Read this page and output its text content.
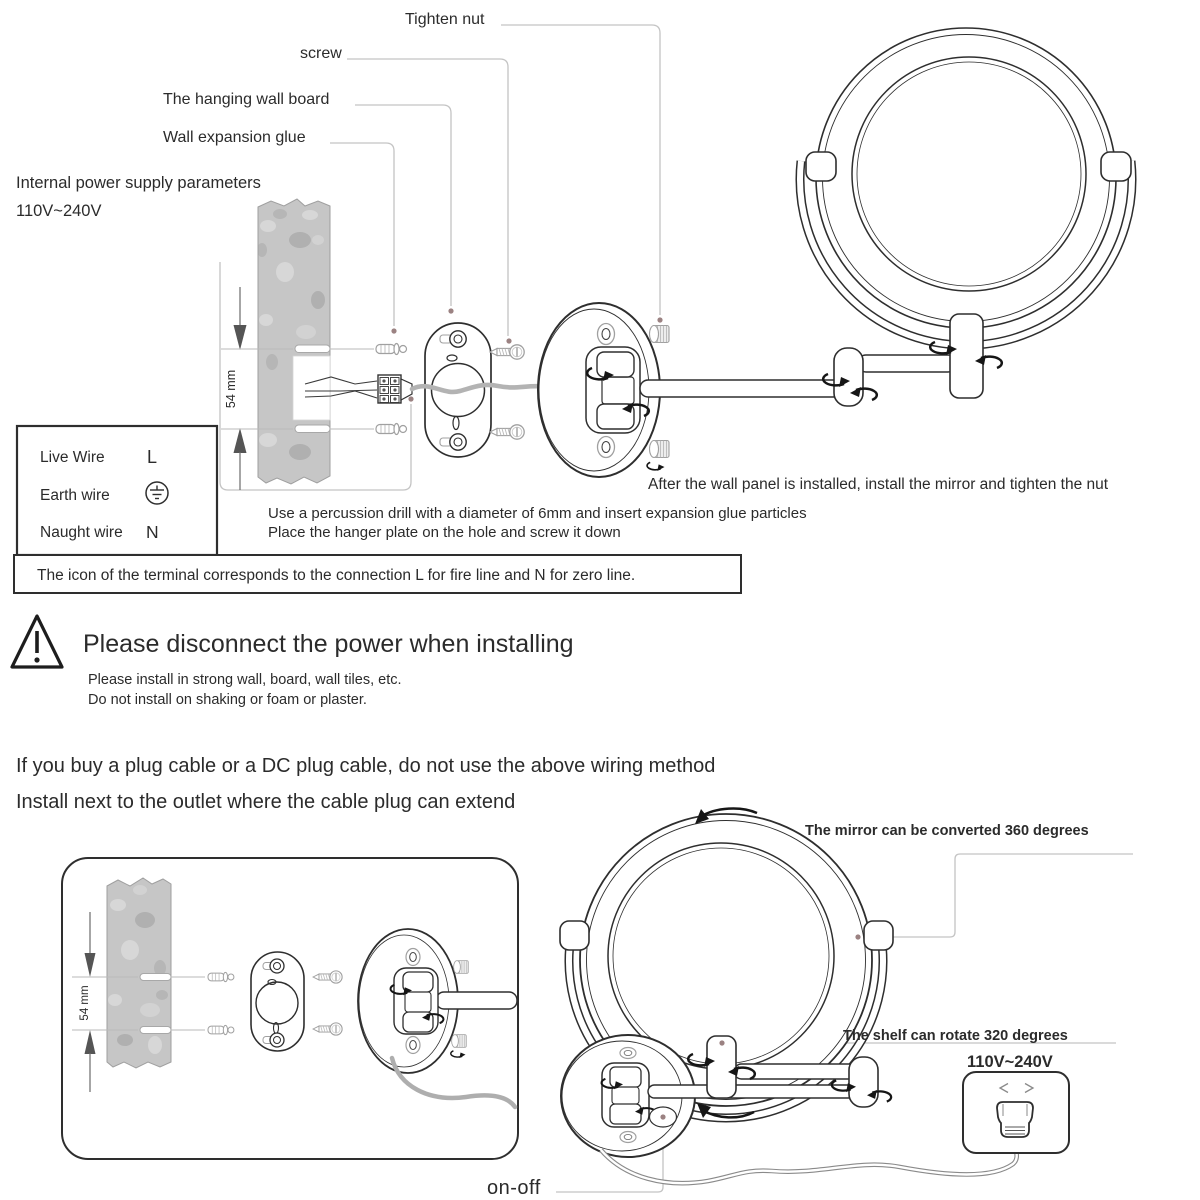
Tighten nut
screw
The hanging wall board
Wall expansion glue
Internal power supply parameters
110V~240V
54 mm
After the wall panel is installed, install the mirror and tighten the nut
Live Wire L
Earth wire
Naught wire N
Use a percussion drill with a diameter of 6mm and insert expansion glue particles
Place the hanger plate on the hole and screw it down
The icon of the terminal corresponds to the connection L for fire line and N for zero line.
Please disconnect the power when installing
Please install in strong wall, board, wall tiles, etc.
Do not install on shaking or foam or plaster.
If you buy a plug cable or a DC plug cable, do not use the above wiring method
Install next to the outlet where the cable plug can extend
54 mm
The mirror can be converted 360 degrees
The shelf can rotate 320 degrees
110V~240V
on-off
